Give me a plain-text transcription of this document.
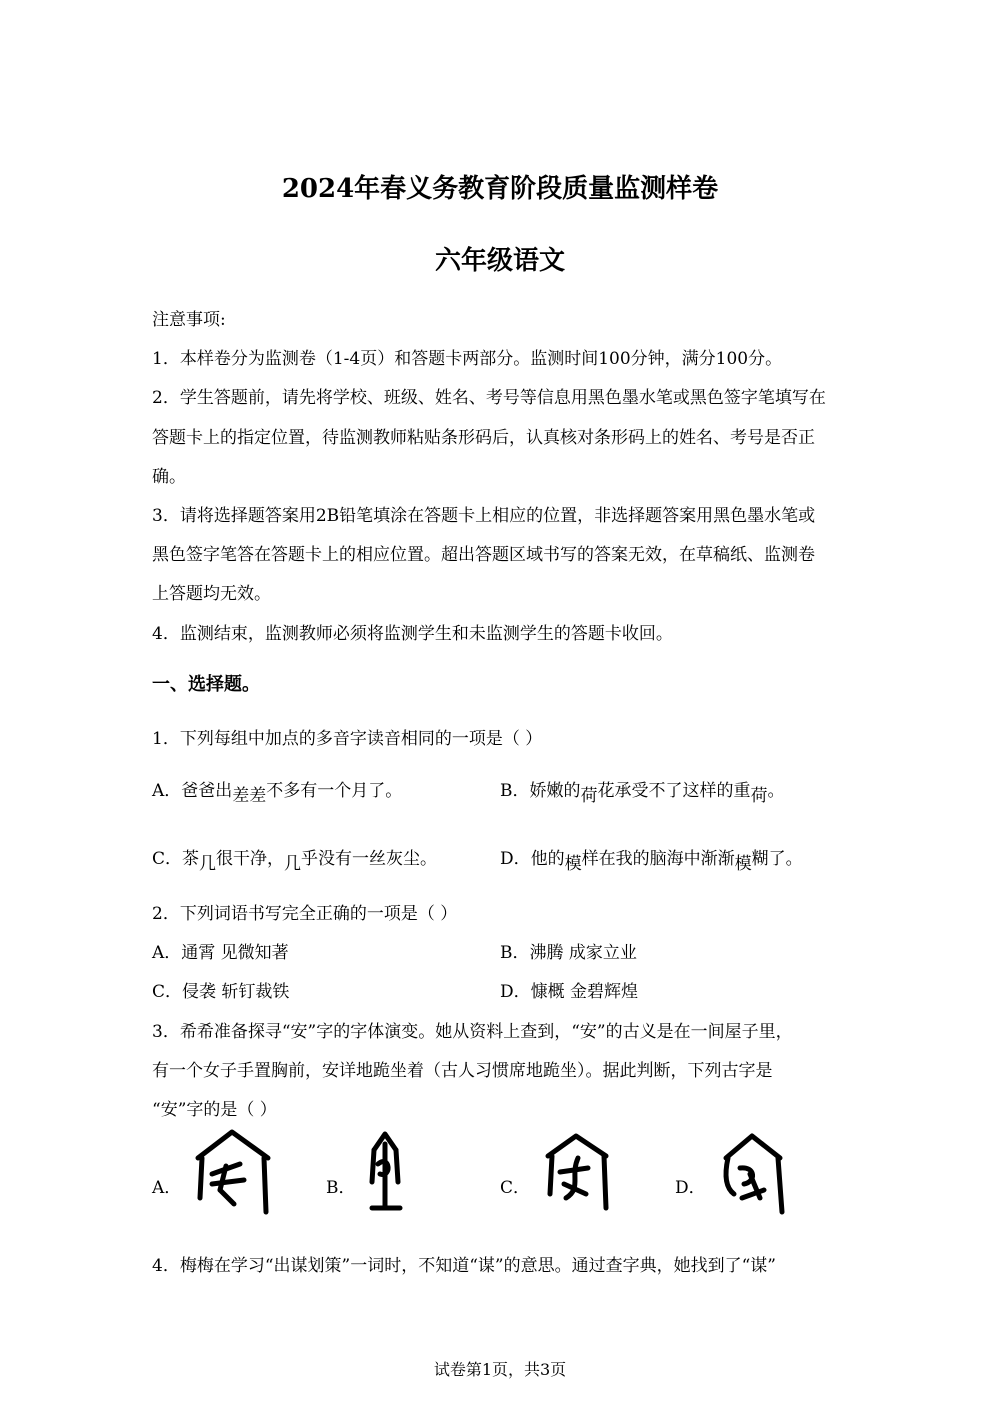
2024年春义务教育阶段质量监测样卷
六年级语文
注意事项:
1．本样卷分为监测卷（1-4页）和答题卡两部分。监测时间100分钟，满分100分。
2．学生答题前，请先将学校、班级、姓名、考号等信息用黑色墨水笔或黑色签字笔填写在
答题卡上的指定位置，待监测教师粘贴条形码后，认真核对条形码上的姓名、考号是否正
确。
3．请将选择题答案用2B铅笔填涂在答题卡上相应的位置，非选择题答案用黑色墨水笔或
黑色签字笔答在答题卡上的相应位置。超出答题区域书写的答案无效，在草稿纸、监测卷
上答题均无效。
4．监测结束，监测教师必须将监测学生和未监测学生的答题卡收回。
一、选择题。
1．下列每组中加点的多音字读音相同的一项是（ ）
A．爸爸出差差不多有一个月了。	B．娇嫩的荷花承受不了这样的重荷。
C．茶几很干净，几乎没有一丝灰尘。	D．他的模样在我的脑海中渐渐模糊了。
2．下列词语书写完全正确的一项是（ ）
A．通霄 见微知著	B．沸腾 成家立业
C．侵袭 斩钉裁铁	D．慷概 金碧辉煌
3．希希准备探寻“安”字的字体演变。她从资料上查到，“安”的古义是在一间屋子里，
有一个女子手置胸前，安详地跪坐着（古人习惯席地跪坐）。据此判断，下列古字是
“安”字的是（ ）
A．	B．	C．	D．
4．梅梅在学习“出谋划策”一词时，不知道“谋”的意思。通过查字典，她找到了“谋”
试卷第1页，共3页
